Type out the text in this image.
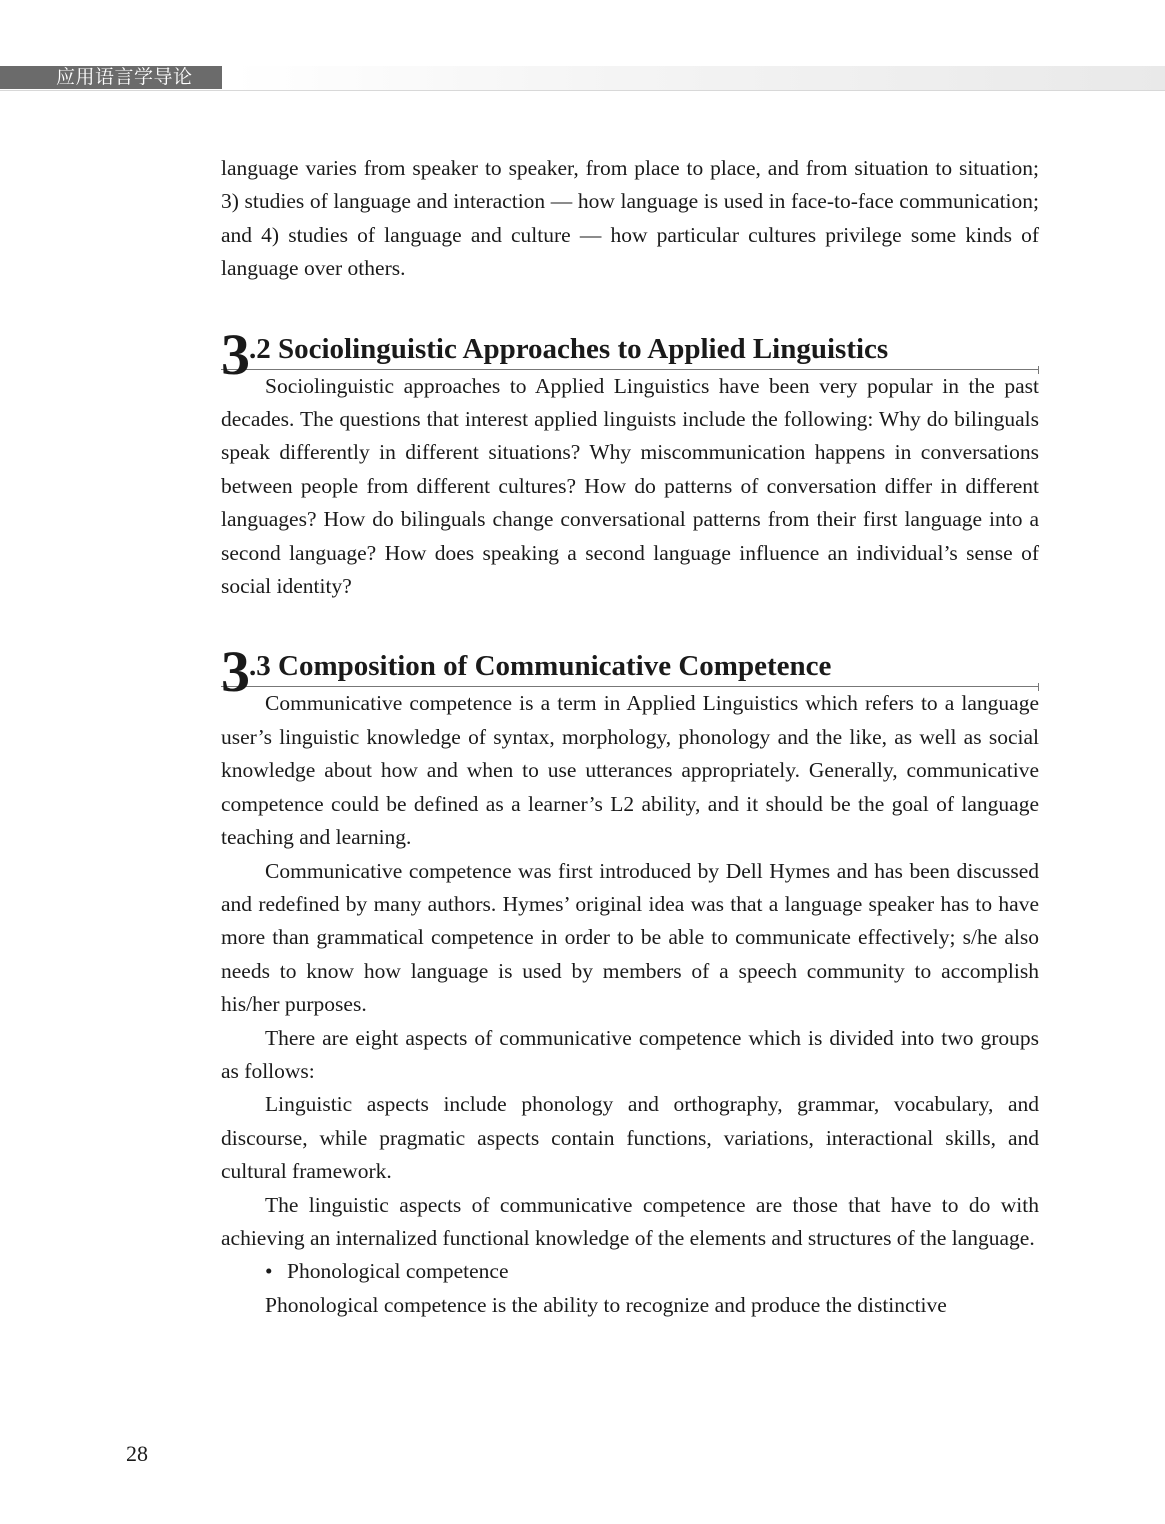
应用语言学导论

language varies from speaker to speaker, from place to place, and from situation to situation; 3) studies of language and interaction — how language is used in face-to-face communication; and 4) studies of language and culture — how particular cultures privilege some kinds of language over others.

3 .2 Sociolinguistic Approaches to Applied Linguistics

Sociolinguistic approaches to Applied Linguistics have been very popular in the past decades. The questions that interest applied linguists include the following: Why do bilinguals speak differently in different situations? Why miscommunication happens in conversations between people from different cultures? How do patterns of conversation differ in different languages? How do bilinguals change conversational patterns from their first language into a second language? How does speaking a second language influence an individual’s sense of social identity?

3 .3 Composition of Communicative Competence

Communicative competence is a term in Applied Linguistics which refers to a language user’s linguistic knowledge of syntax, morphology, phonology and the like, as well as social knowledge about how and when to use utterances appropriately. Generally, communicative competence could be defined as a learner’s L2 ability, and it should be the goal of language teaching and learning.

Communicative competence was first introduced by Dell Hymes and has been discussed and redefined by many authors. Hymes’ original idea was that a language speaker has to have more than grammatical competence in order to be able to communicate effectively; s/he also needs to know how language is used by members of a speech community to accomplish his/her purposes.

There are eight aspects of communicative competence which is divided into two groups as follows:

Linguistic aspects include phonology and orthography, grammar, vocabulary, and discourse, while pragmatic aspects contain functions, variations, interactional skills, and cultural framework.

The linguistic aspects of communicative competence are those that have to do with achieving an internalized functional knowledge of the elements and structures of the language.

• Phonological competence

Phonological competence is the ability to recognize and produce the distinctive

28
